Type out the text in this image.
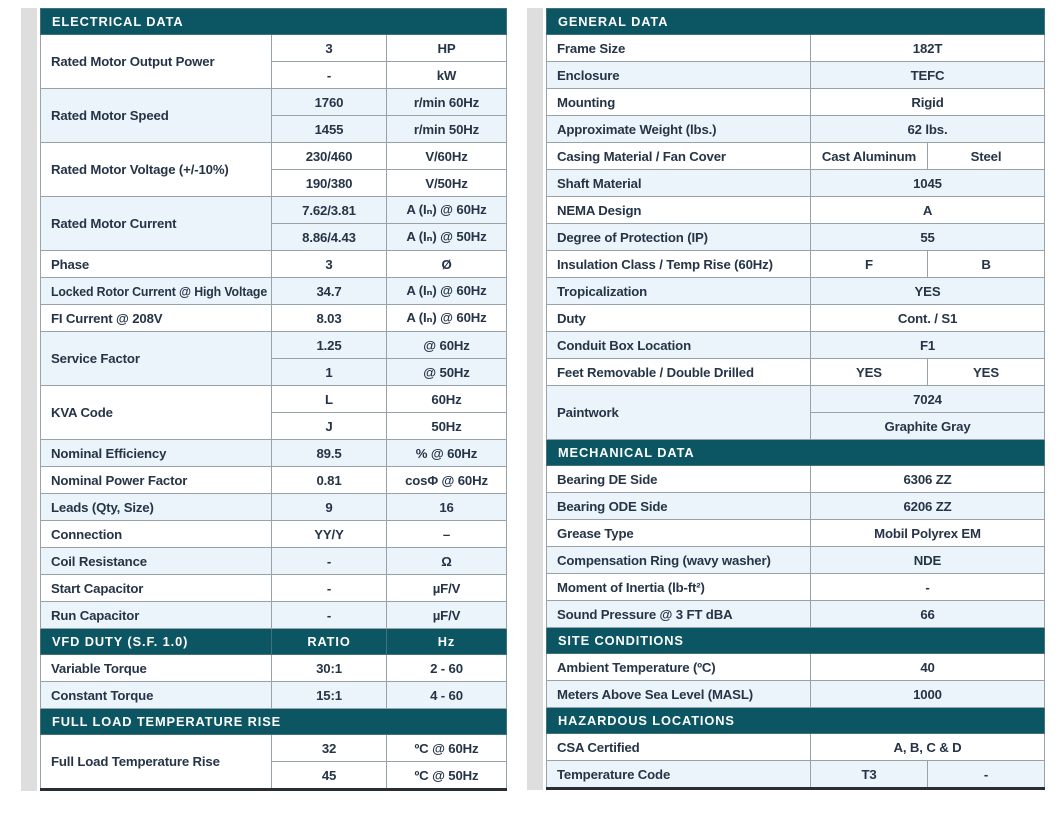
ELECTRICAL DATA		
Rated Motor Output Power	3	HP
	-	kW
Rated Motor Speed	1760	r/min 60Hz
	1455	r/min 50Hz
Rated Motor Voltage (+/-10%)	230/460	V/60Hz
	190/380	V/50Hz
Rated Motor Current	7.62/3.81	A (Iₙ) @ 60Hz
	8.86/4.43	A (Iₙ) @ 50Hz
Phase	3	Ø
Locked Rotor Current @ High Voltage	34.7	A (Iₙ) @ 60Hz
FI Current @ 208V	8.03	A (Iₙ) @ 60Hz
Service Factor	1.25	@ 60Hz
	1	@ 50Hz
KVA Code	L	60Hz
	J	50Hz
Nominal Efficiency	89.5	% @ 60Hz
Nominal Power Factor	0.81	cosΦ @ 60Hz
Leads (Qty, Size)	9	16
Connection	YY/Y	–
Coil Resistance	-	Ω
Start Capacitor	-	µF/V
Run Capacitor	-	µF/V
VFD DUTY (S.F. 1.0)	RATIO	Hz
Variable Torque	30:1	2 - 60
Constant Torque	15:1	4 - 60
FULL LOAD TEMPERATURE RISE		
Full Load Temperature Rise	32	ºC @ 60Hz
	45	ºC @ 50Hz
GENERAL DATA		
Frame Size	182T	
Enclosure	TEFC	
Mounting	Rigid	
Approximate Weight (lbs.)	62 lbs.	
Casing Material / Fan Cover	Cast Aluminum	Steel
Shaft Material	1045	
NEMA Design	A	
Degree of Protection (IP)	55	
Insulation Class / Temp Rise (60Hz)	F	B
Tropicalization	YES	
Duty	Cont. / S1	
Conduit Box Location	F1	
Feet Removable / Double Drilled	YES	YES
Paintwork	7024	
	Graphite Gray	
MECHANICAL DATA		
Bearing DE Side	6306 ZZ	
Bearing ODE Side	6206 ZZ	
Grease Type	Mobil Polyrex EM	
Compensation Ring (wavy washer)	NDE	
Moment of Inertia (lb-ft²)	-	
Sound Pressure @ 3 FT dBA	66	
SITE CONDITIONS		
Ambient Temperature (ºC)	40	
Meters Above Sea Level (MASL)	1000	
HAZARDOUS LOCATIONS		
CSA Certified	A, B, C & D	
Temperature Code	T3	-
